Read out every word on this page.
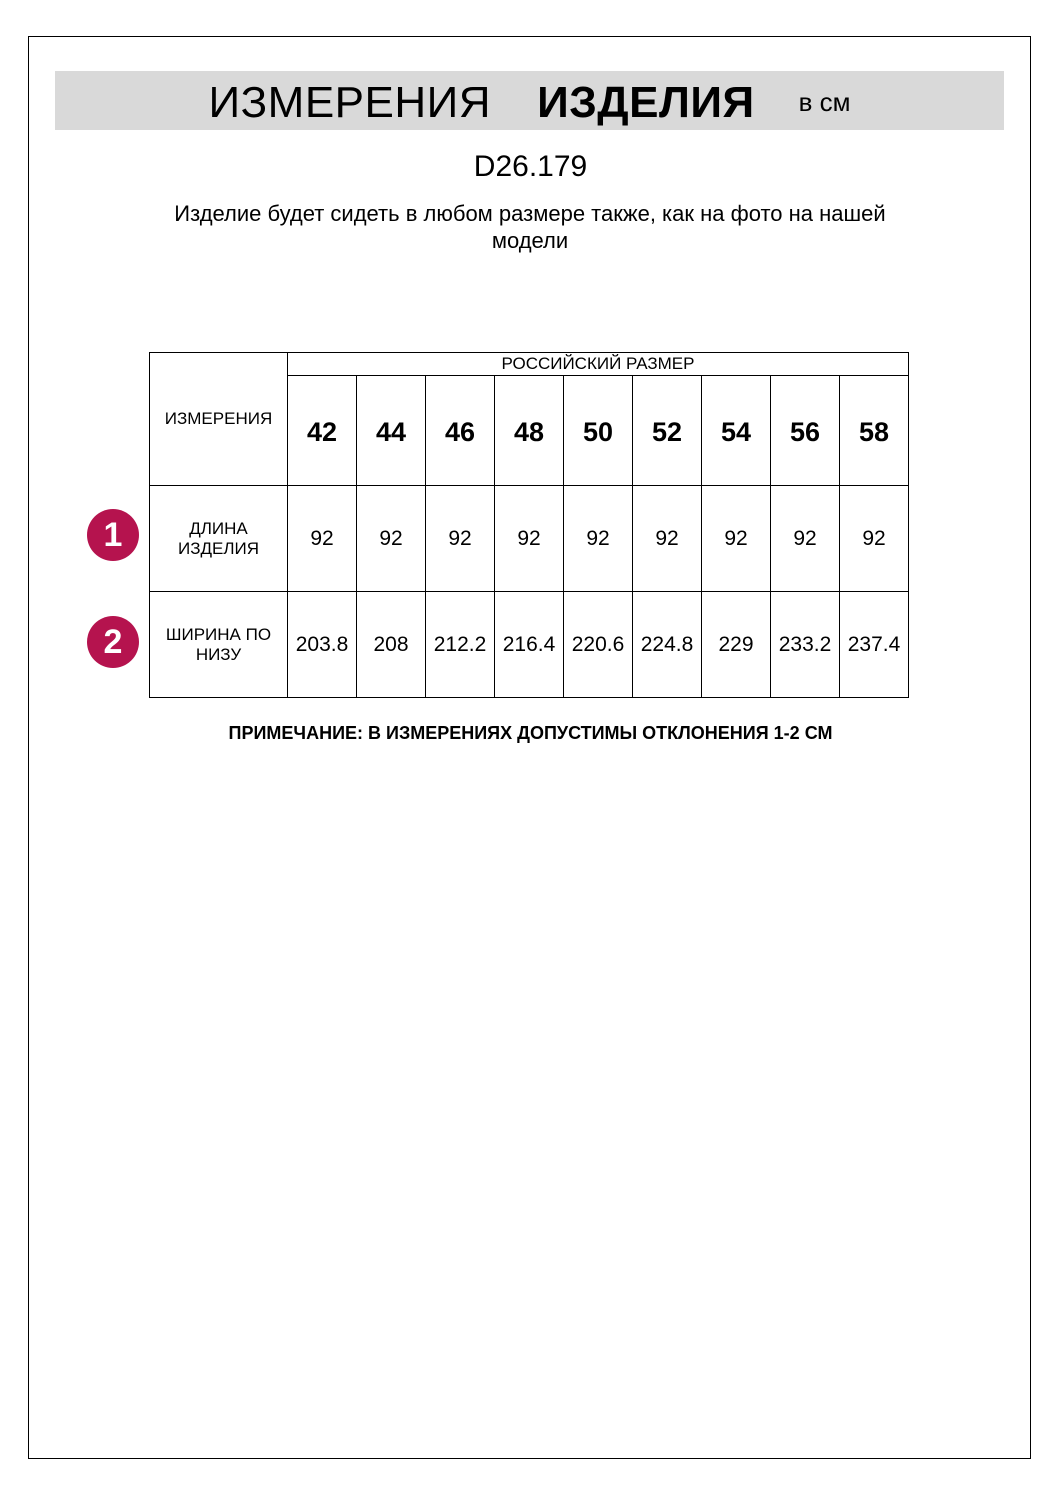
ИЗМЕРЕНИЯ ИЗДЕЛИЯ в см
D26.179
Изделие будет сидеть в любом размере также, как на фото на нашей модели
1
2
ИЗМЕРЕНИЯ	РОССИЙСКИЙ РАЗМЕР								
	42	44	46	48	50	52	54	56	58
ДЛИНА ИЗДЕЛИЯ	92	92	92	92	92	92	92	92	92
ШИРИНА ПО НИЗУ	203.8	208	212.2	216.4	220.6	224.8	229	233.2	237.4
ПРИМЕЧАНИЕ: В ИЗМЕРЕНИЯХ ДОПУСТИМЫ ОТКЛОНЕНИЯ 1-2 СМ
